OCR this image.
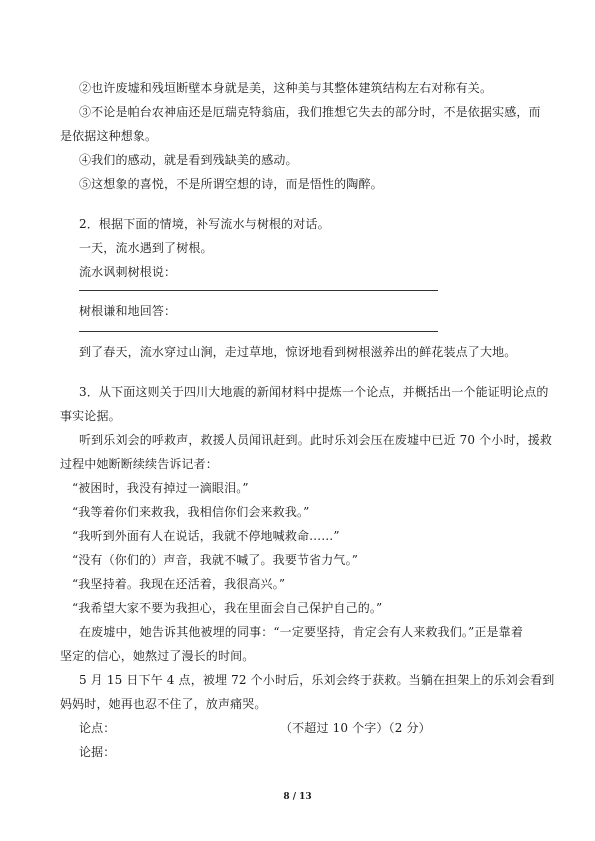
②也许废墟和残垣断壁本身就是美，这种美与其整体建筑结构左右对称有关。
③不论是帕台农神庙还是厄瑞克特翁庙，我们推想它失去的部分时，不是依据实感，而
是依据这种想象。
④我们的感动，就是看到残缺美的感动。
⑤这想象的喜悦，不是所谓空想的诗，而是悟性的陶醉。
2．根据下面的情境，补写流水与树根的对话。
一天，流水遇到了树根。
流水讽刺树根说：
树根谦和地回答：
到了春天，流水穿过山涧，走过草地，惊讶地看到树根滋养出的鲜花装点了大地。
3．从下面这则关于四川大地震的新闻材料中提炼一个论点，并概括出一个能证明论点的
事实论据。
听到乐刘会的呼救声，救援人员闻讯赶到。此时乐刘会压在废墟中已近 70 个小时，援救
过程中她断断续续告诉记者：
“被困时，我没有掉过一滴眼泪。”
“我等着你们来救我，我相信你们会来救我。”
“我听到外面有人在说话，我就不停地喊救命……”
“没有（你们的）声音，我就不喊了。我要节省力气。”
“我坚持着。我现在还活着，我很高兴。”
“我希望大家不要为我担心，我在里面会自己保护自己的。”
在废墟中，她告诉其他被埋的同事：“一定要坚持，肯定会有人来救我们。”正是靠着
坚定的信心，她熬过了漫长的时间。
5 月 15 日下午 4 点，被埋 72 个小时后，乐刘会终于获救。当躺在担架上的乐刘会看到
妈妈时，她再也忍不住了，放声痛哭。
论点：	（不超过 10 个字）（2 分）
论据：
8 / 13
